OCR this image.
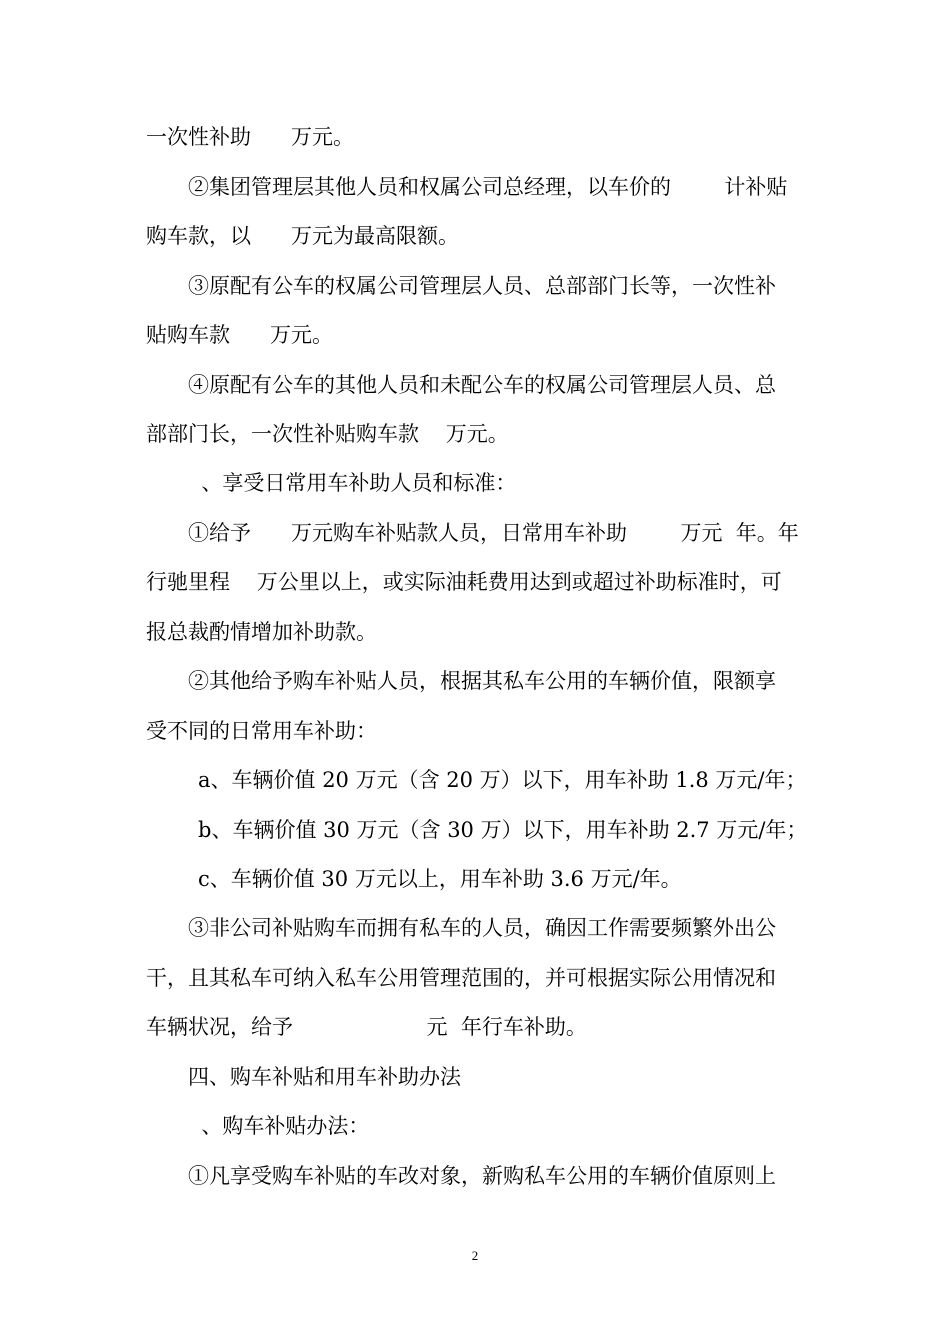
一次性补助      万元。
②集团管理层其他人员和权属公司总经理，以车价的        计补贴
购车款，以      万元为最高限额。
③原配有公车的权属公司管理层人员、总部部门长等，一次性补
贴购车款      万元。
④原配有公车的其他人员和未配公车的权属公司管理层人员、总
部部门长，一次性补贴购车款    万元。
、享受日常用车补助人员和标准：
①给予      万元购车补贴款人员，日常用车补助        万元  年。年
行驰里程    万公里以上，或实际油耗费用达到或超过补助标准时，可
报总裁酌情增加补助款。
②其他给予购车补贴人员，根据其私车公用的车辆价值，限额享
受不同的日常用车补助：
a、车辆价值 20 万元（含 20 万）以下，用车补助 1.8 万元/年；
b、车辆价值 30 万元（含 30 万）以下，用车补助 2.7 万元/年；
c、车辆价值 30 万元以上，用车补助 3.6 万元/年。
③非公司补贴购车而拥有私车的人员，确因工作需要频繁外出公
干，且其私车可纳入私车公用管理范围的，并可根据实际公用情况和
车辆状况，给予                    元  年行车补助。
四、购车补贴和用车补助办法
、购车补贴办法：
①凡享受购车补贴的车改对象，新购私车公用的车辆价值原则上
2
